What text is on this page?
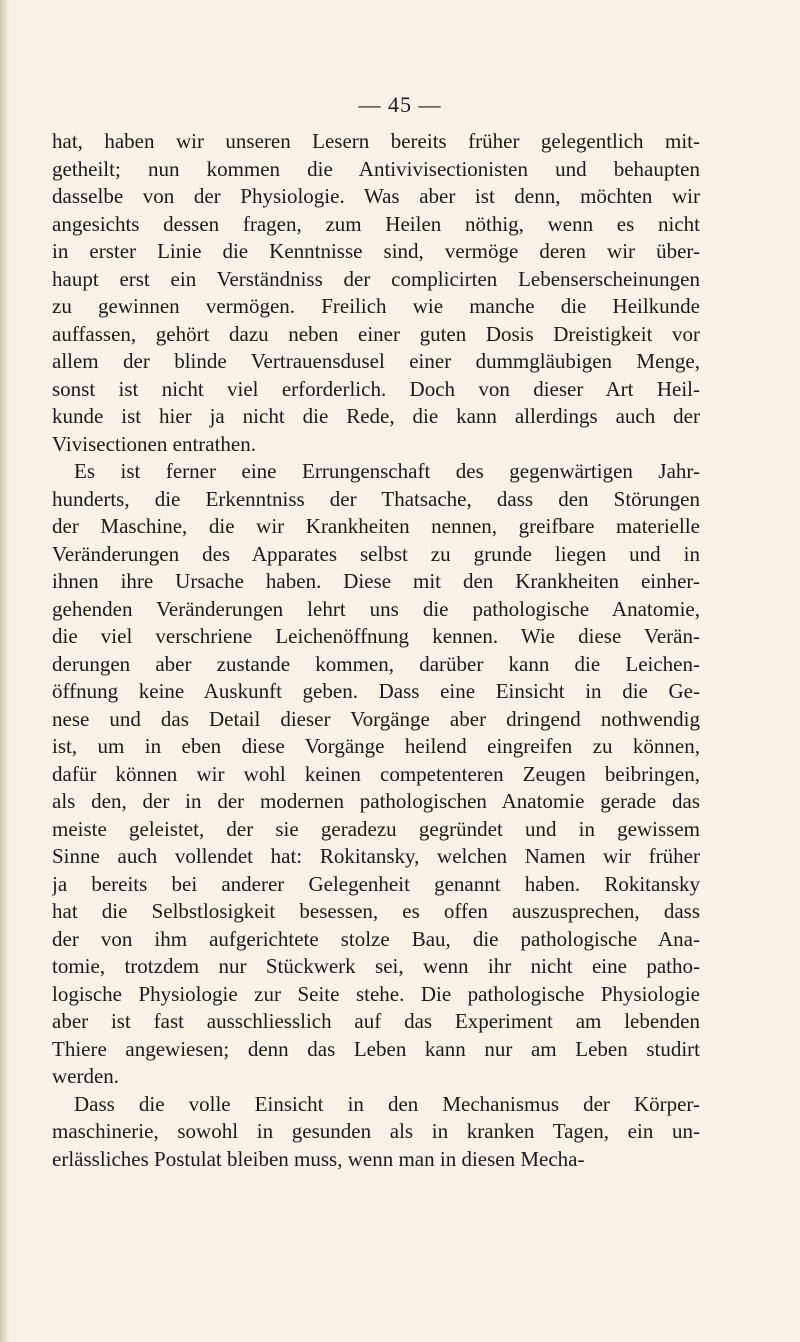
— 45 —
hat, haben wir unseren Lesern bereits früher gelegentlich mit-
getheilt; nun kommen die Antivivisectionisten und behaupten
dasselbe von der Physiologie. Was aber ist denn, möchten wir
angesichts dessen fragen, zum Heilen nöthig, wenn es nicht
in erster Linie die Kenntnisse sind, vermöge deren wir über-
haupt erst ein Verständniss der complicirten Lebenserscheinungen
zu gewinnen vermögen. Freilich wie manche die Heilkunde
auffassen, gehört dazu neben einer guten Dosis Dreistigkeit vor
allem der blinde Vertrauensdusel einer dummgläubigen Menge,
sonst ist nicht viel erforderlich. Doch von dieser Art Heil-
kunde ist hier ja nicht die Rede, die kann allerdings auch der
Vivisectionen entrathen.
Es ist ferner eine Errungenschaft des gegenwärtigen Jahr-
hunderts, die Erkenntniss der Thatsache, dass den Störungen
der Maschine, die wir Krankheiten nennen, greifbare materielle
Veränderungen des Apparates selbst zu grunde liegen und in
ihnen ihre Ursache haben. Diese mit den Krankheiten einher-
gehenden Veränderungen lehrt uns die pathologische Anatomie,
die viel verschriene Leichenöffnung kennen. Wie diese Verän-
derungen aber zustande kommen, darüber kann die Leichen-
öffnung keine Auskunft geben. Dass eine Einsicht in die Ge-
nese und das Detail dieser Vorgänge aber dringend nothwendig
ist, um in eben diese Vorgänge heilend eingreifen zu können,
dafür können wir wohl keinen competenteren Zeugen beibringen,
als den, der in der modernen pathologischen Anatomie gerade das
meiste geleistet, der sie geradezu gegründet und in gewissem
Sinne auch vollendet hat: Rokitansky, welchen Namen wir früher
ja bereits bei anderer Gelegenheit genannt haben. Rokitansky
hat die Selbstlosigkeit besessen, es offen auszusprechen, dass
der von ihm aufgerichtete stolze Bau, die pathologische Ana-
tomie, trotzdem nur Stückwerk sei, wenn ihr nicht eine patho-
logische Physiologie zur Seite stehe. Die pathologische Physiologie
aber ist fast ausschliesslich auf das Experiment am lebenden
Thiere angewiesen; denn das Leben kann nur am Leben studirt
werden.
Dass die volle Einsicht in den Mechanismus der Körper-
maschinerie, sowohl in gesunden als in kranken Tagen, ein un-
erlässliches Postulat bleiben muss, wenn man in diesen Mecha-
